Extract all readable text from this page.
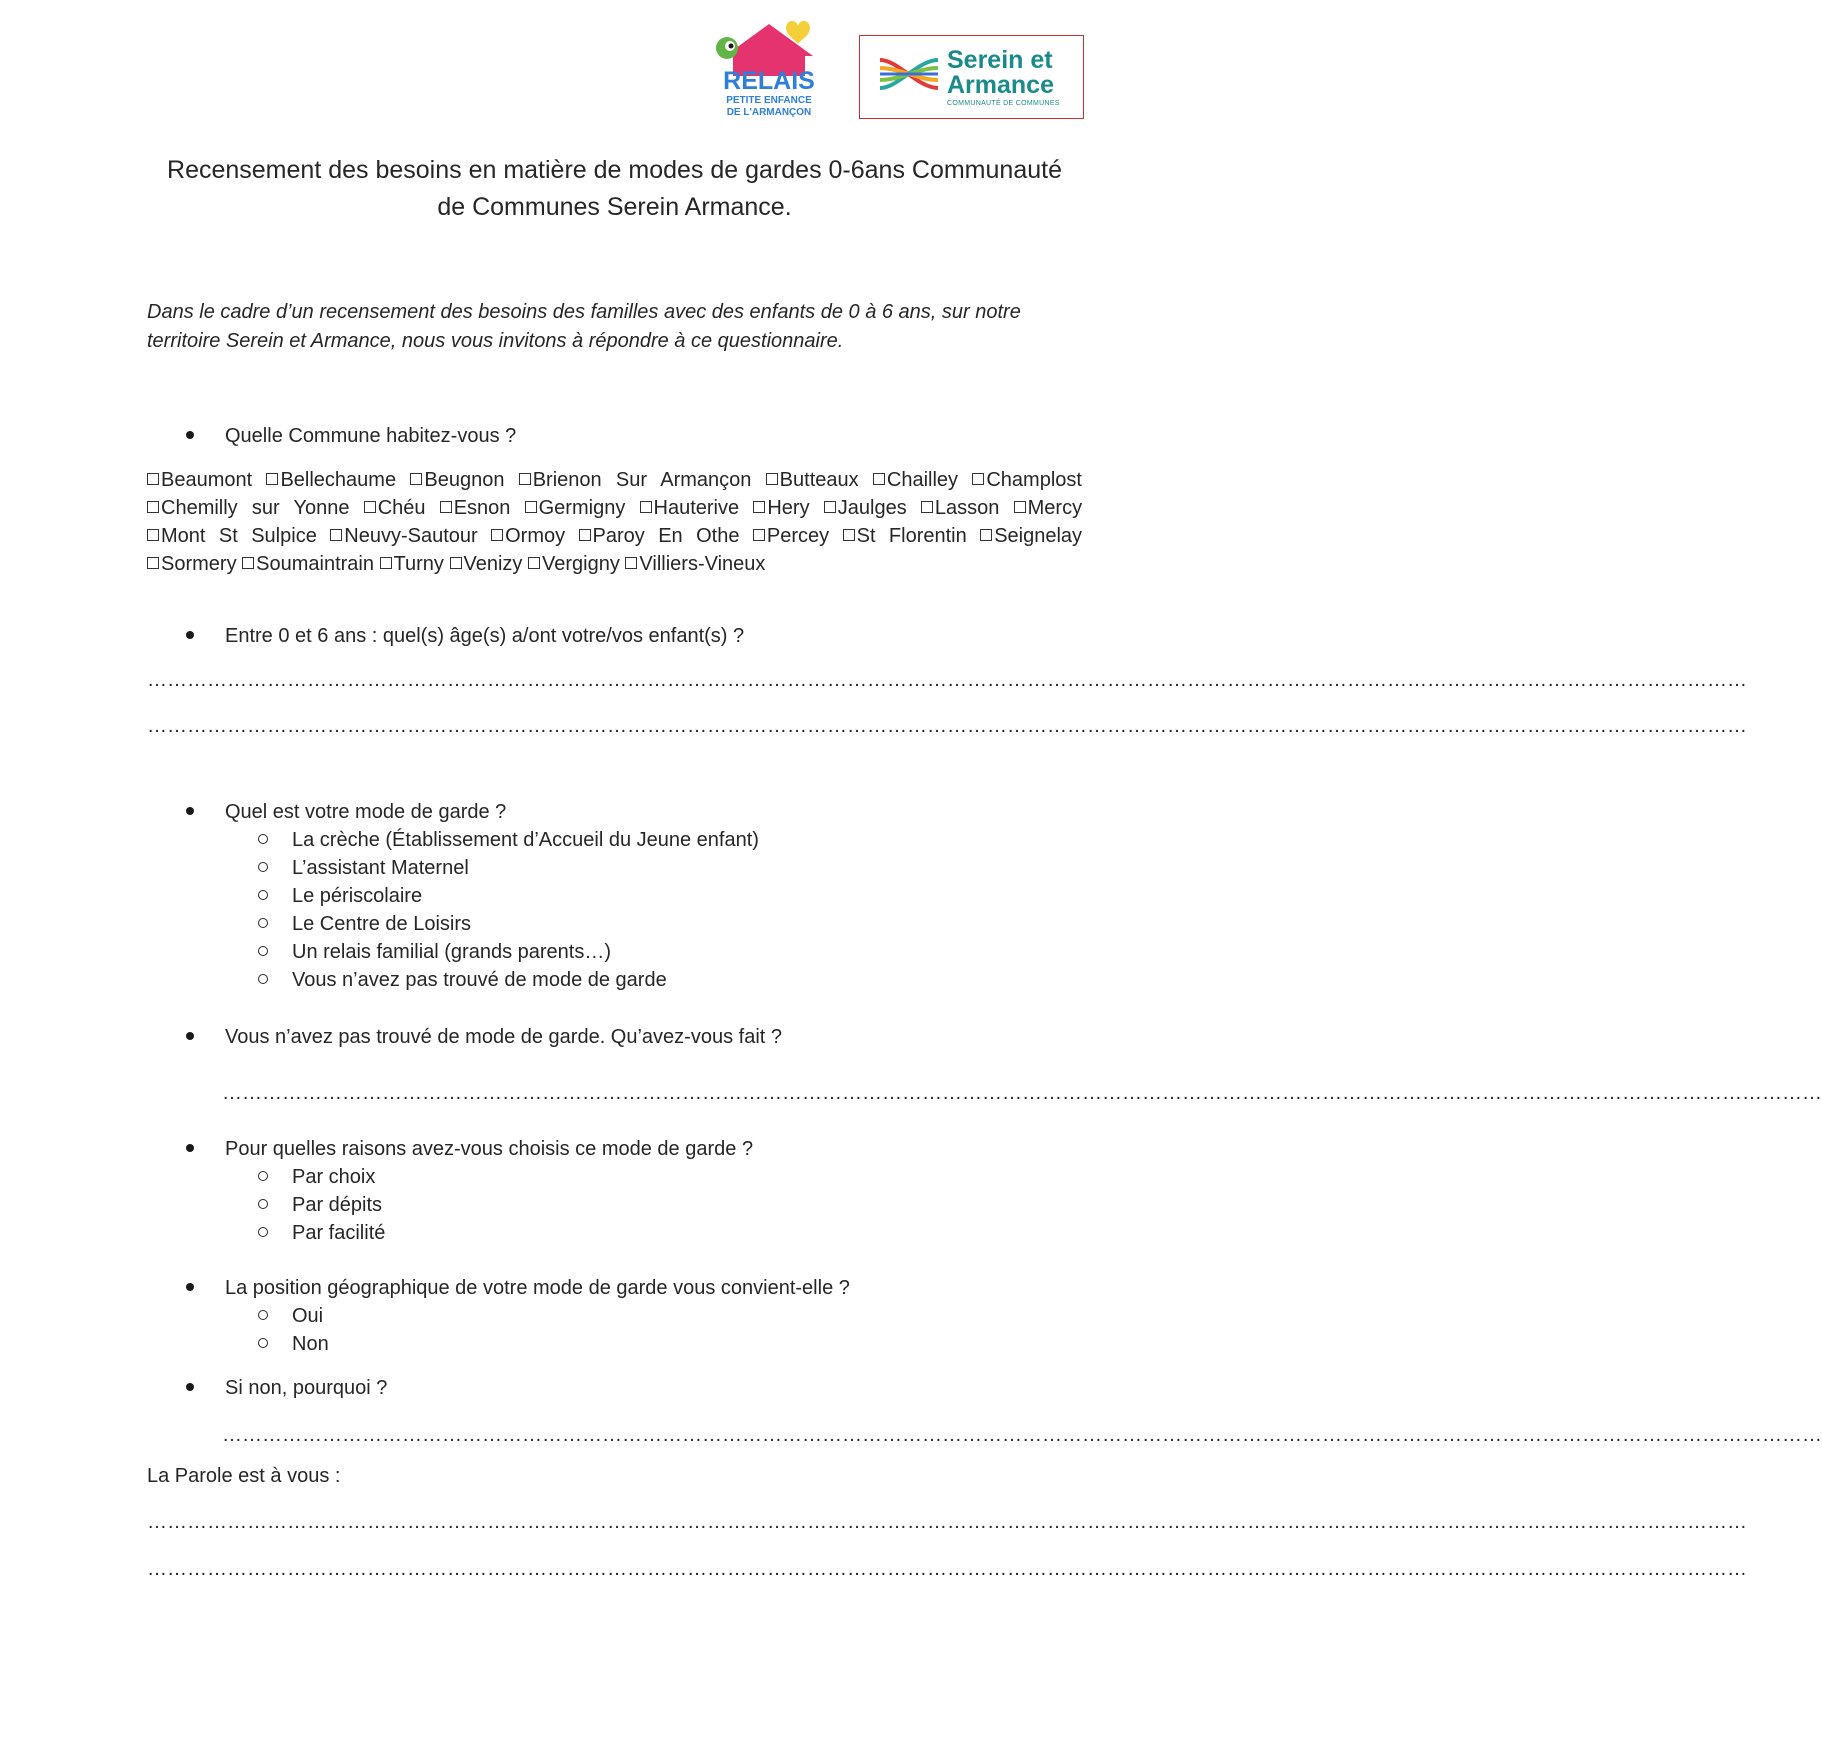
RELAIS
PETITE ENFANCE
DE L'ARMANÇON
Serein et
Armance
COMMUNAUTÉ DE COMMUNES
Recensement des besoins en matière de modes de gardes 0-6ans Communauté
de Communes Serein Armance.
Dans le cadre d’un recensement des besoins des familles avec des enfants de 0 à 6 ans, sur notre
territoire Serein et Armance, nous vous invitons à répondre à ce questionnaire.
Quelle Commune habitez-vous ?
Beaumont Bellechaume Beugnon Brienon Sur Armançon Butteaux Chailley Champlost Chemilly sur Yonne Chéu Esnon Germigny Hauterive Hery Jaulges Lasson Mercy Mont St Sulpice Neuvy-Sautour Ormoy Paroy En Othe Percey St Florentin Seignelay Sormery Soumaintrain Turny Venizy Vergigny Villiers-Vineux
Entre 0 et 6 ans : quel(s) âge(s) a/ont votre/vos enfant(s) ?
……………………………………………………………………………………………………………………………………………………………………………………………………………………
……………………………………………………………………………………………………………………………………………………………………………………………………………………
Quel est votre mode de garde ?
La crèche (Établissement d’Accueil du Jeune enfant)
L’assistant Maternel
Le périscolaire
Le Centre de Loisirs
Un relais familial (grands parents…)
Vous n’avez pas trouvé de mode de garde
Vous n’avez pas trouvé de mode de garde. Qu’avez-vous fait ?
……………………………………………………………………………………………………………………………………………………………………………………………………………………
Pour quelles raisons avez-vous choisis ce mode de garde ?
Par choix
Par dépits
Par facilité
La position géographique de votre mode de garde vous convient-elle ?
Oui
Non
Si non, pourquoi ?
……………………………………………………………………………………………………………………………………………………………………………………………………………………
La Parole est à vous :
……………………………………………………………………………………………………………………………………………………………………………………………………………………
……………………………………………………………………………………………………………………………………………………………………………………………………………………
